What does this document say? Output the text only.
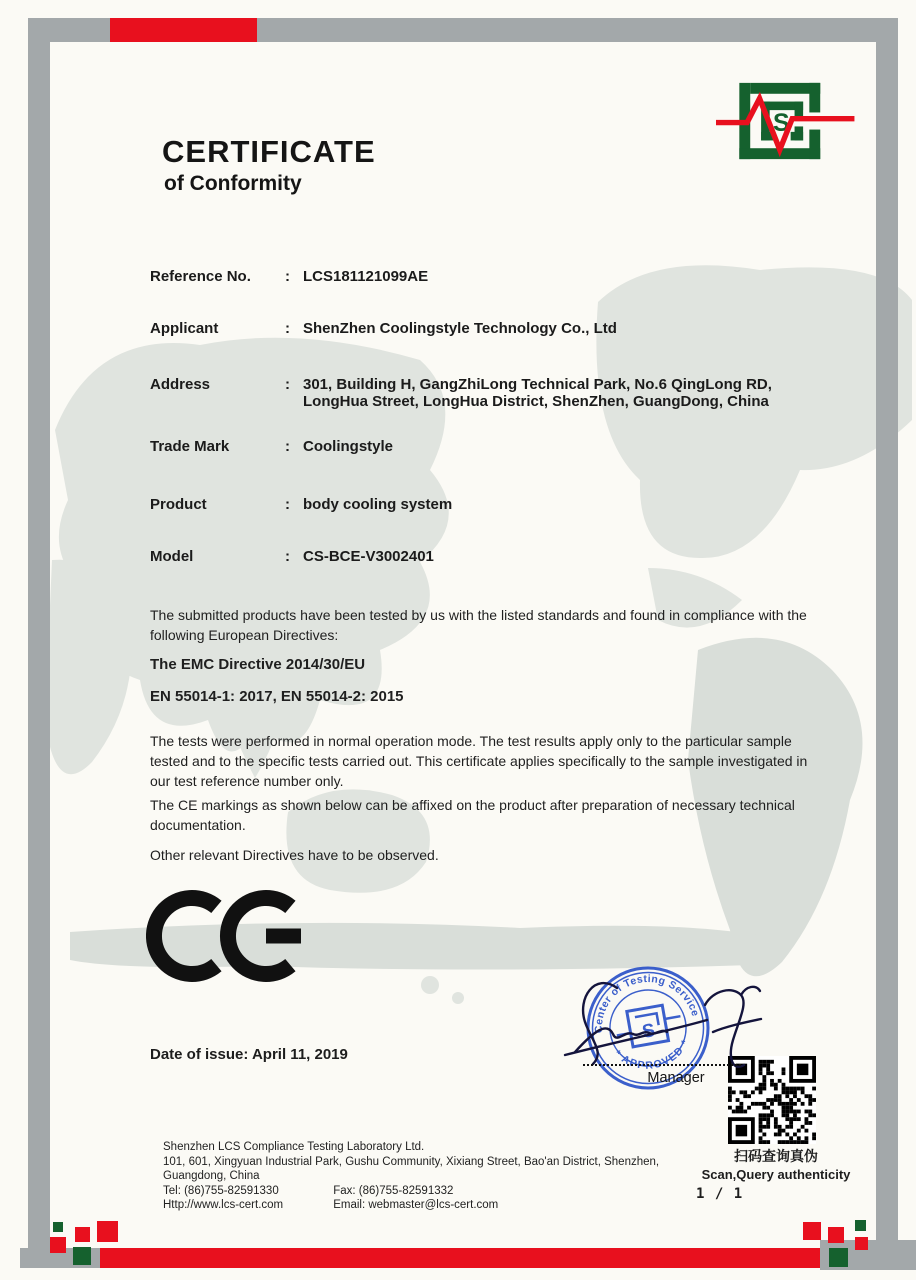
S
CERTIFICATE
of Conformity
Reference No.	: LCS181121099AE
Applicant	: ShenZhen Coolingstyle Technology Co., Ltd
Address	: 301, Building H, GangZhiLong Technical Park, No.6 QingLong RD, LongHua Street, LongHua District, ShenZhen, GuangDong, China
Trade Mark	: Coolingstyle
Product	: body cooling system
Model	: CS-BCE-V3002401
The submitted products have been tested by us with the listed standards and found in compliance with the following European Directives:
The EMC Directive 2014/30/EU
EN 55014-1: 2017, EN 55014-2: 2015
The tests were performed in normal operation mode. The test results apply only to the particular sample tested and to the specific tests carried out. This certificate applies specifically to the sample investigated in our test reference number only.
The CE markings as shown below can be affixed on the product after preparation of necessary technical documentation.
Other relevant Directives have to be observed.
Date of issue: April 11, 2019
Center of Testing Service
* APPROVED *
S
Manager
扫码查询真伪
Scan,Query authenticity
Shenzhen LCS Compliance Testing Laboratory Ltd.
101, 601, Xingyuan Industrial Park, Gushu Community, Xixiang Street, Bao'an District, Shenzhen,
Guangdong, China
Tel: (86)755-82591330	Fax: (86)755-82591332
Http://www.lcs-cert.com	Email: webmaster@lcs-cert.com
1 / 1
